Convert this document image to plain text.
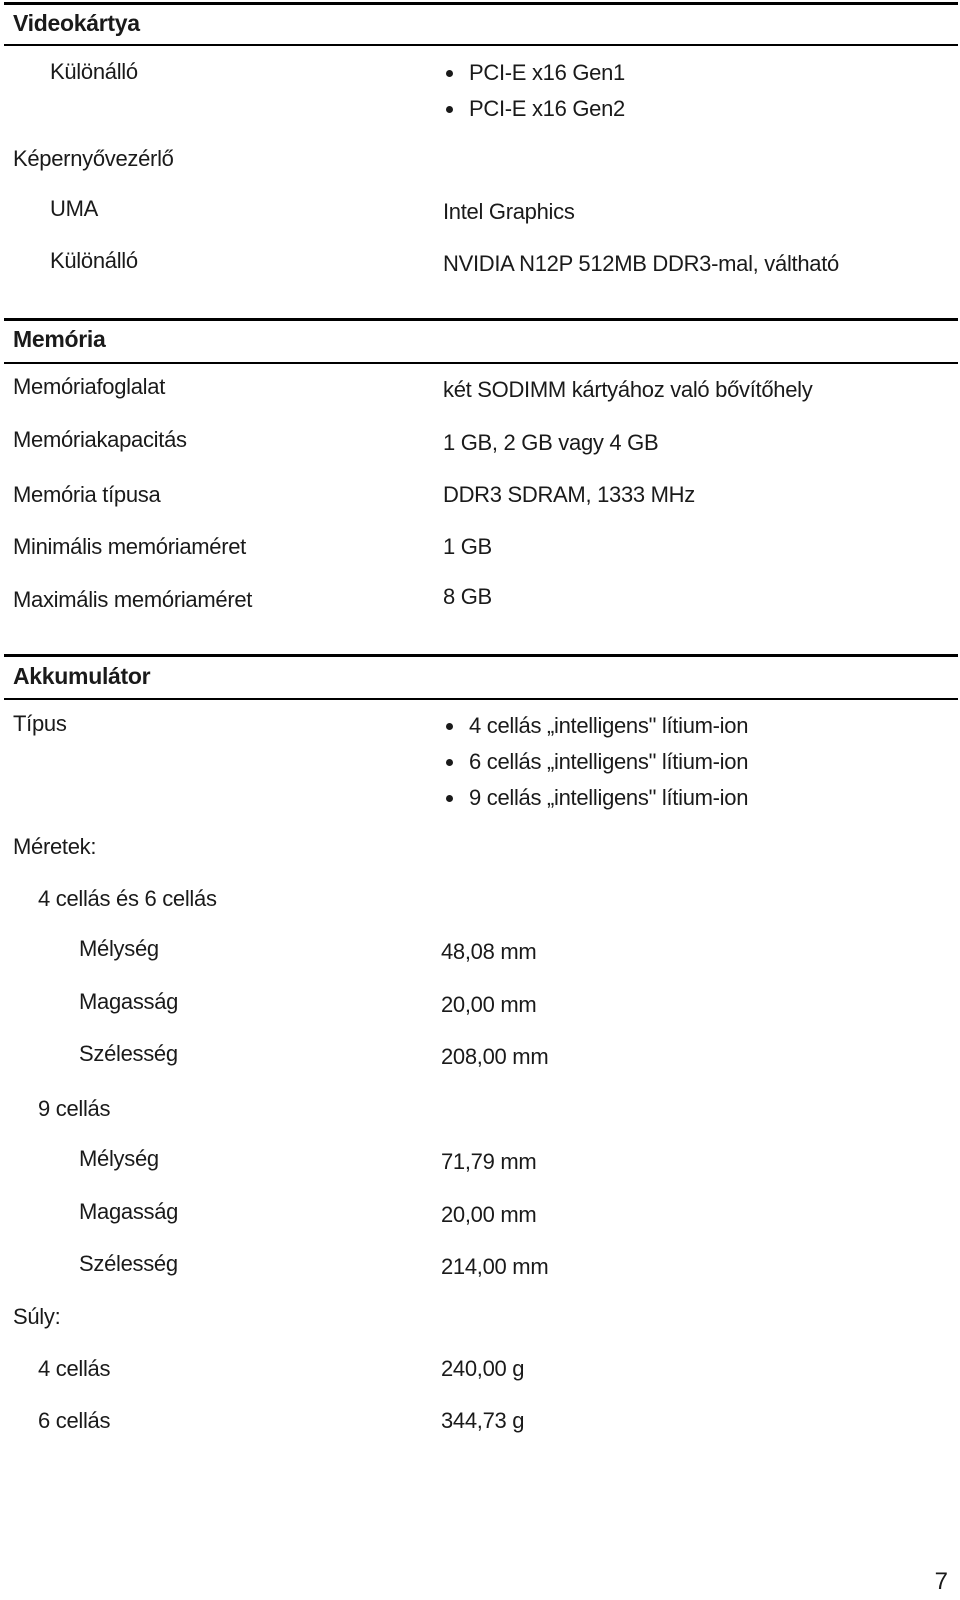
Videokártya
Különálló	PCI-E x16 Gen1
PCI-E x16 Gen2
Képernyővezérlő
UMA	Intel Graphics
Különálló	NVIDIA N12P 512MB DDR3-mal, váltható
Memória
Memóriafoglalat	két SODIMM kártyához való bővítőhely
Memóriakapacitás	1 GB, 2 GB vagy 4 GB
Memória típusa	DDR3 SDRAM, 1333 MHz
Minimális memóriaméret	1 GB
Maximális memóriaméret	8 GB
Akkumulátor
Típus	4 cellás „intelligens" lítium-ion
6 cellás „intelligens" lítium-ion
9 cellás „intelligens" lítium-ion
Méretek:
4 cellás és 6 cellás
Mélység	48,08 mm
Magasság	20,00 mm
Szélesség	208,00 mm
9 cellás
Mélység	71,79 mm
Magasság	20,00 mm
Szélesség	214,00 mm
Súly:
4 cellás	240,00 g
6 cellás	344,73 g
7
